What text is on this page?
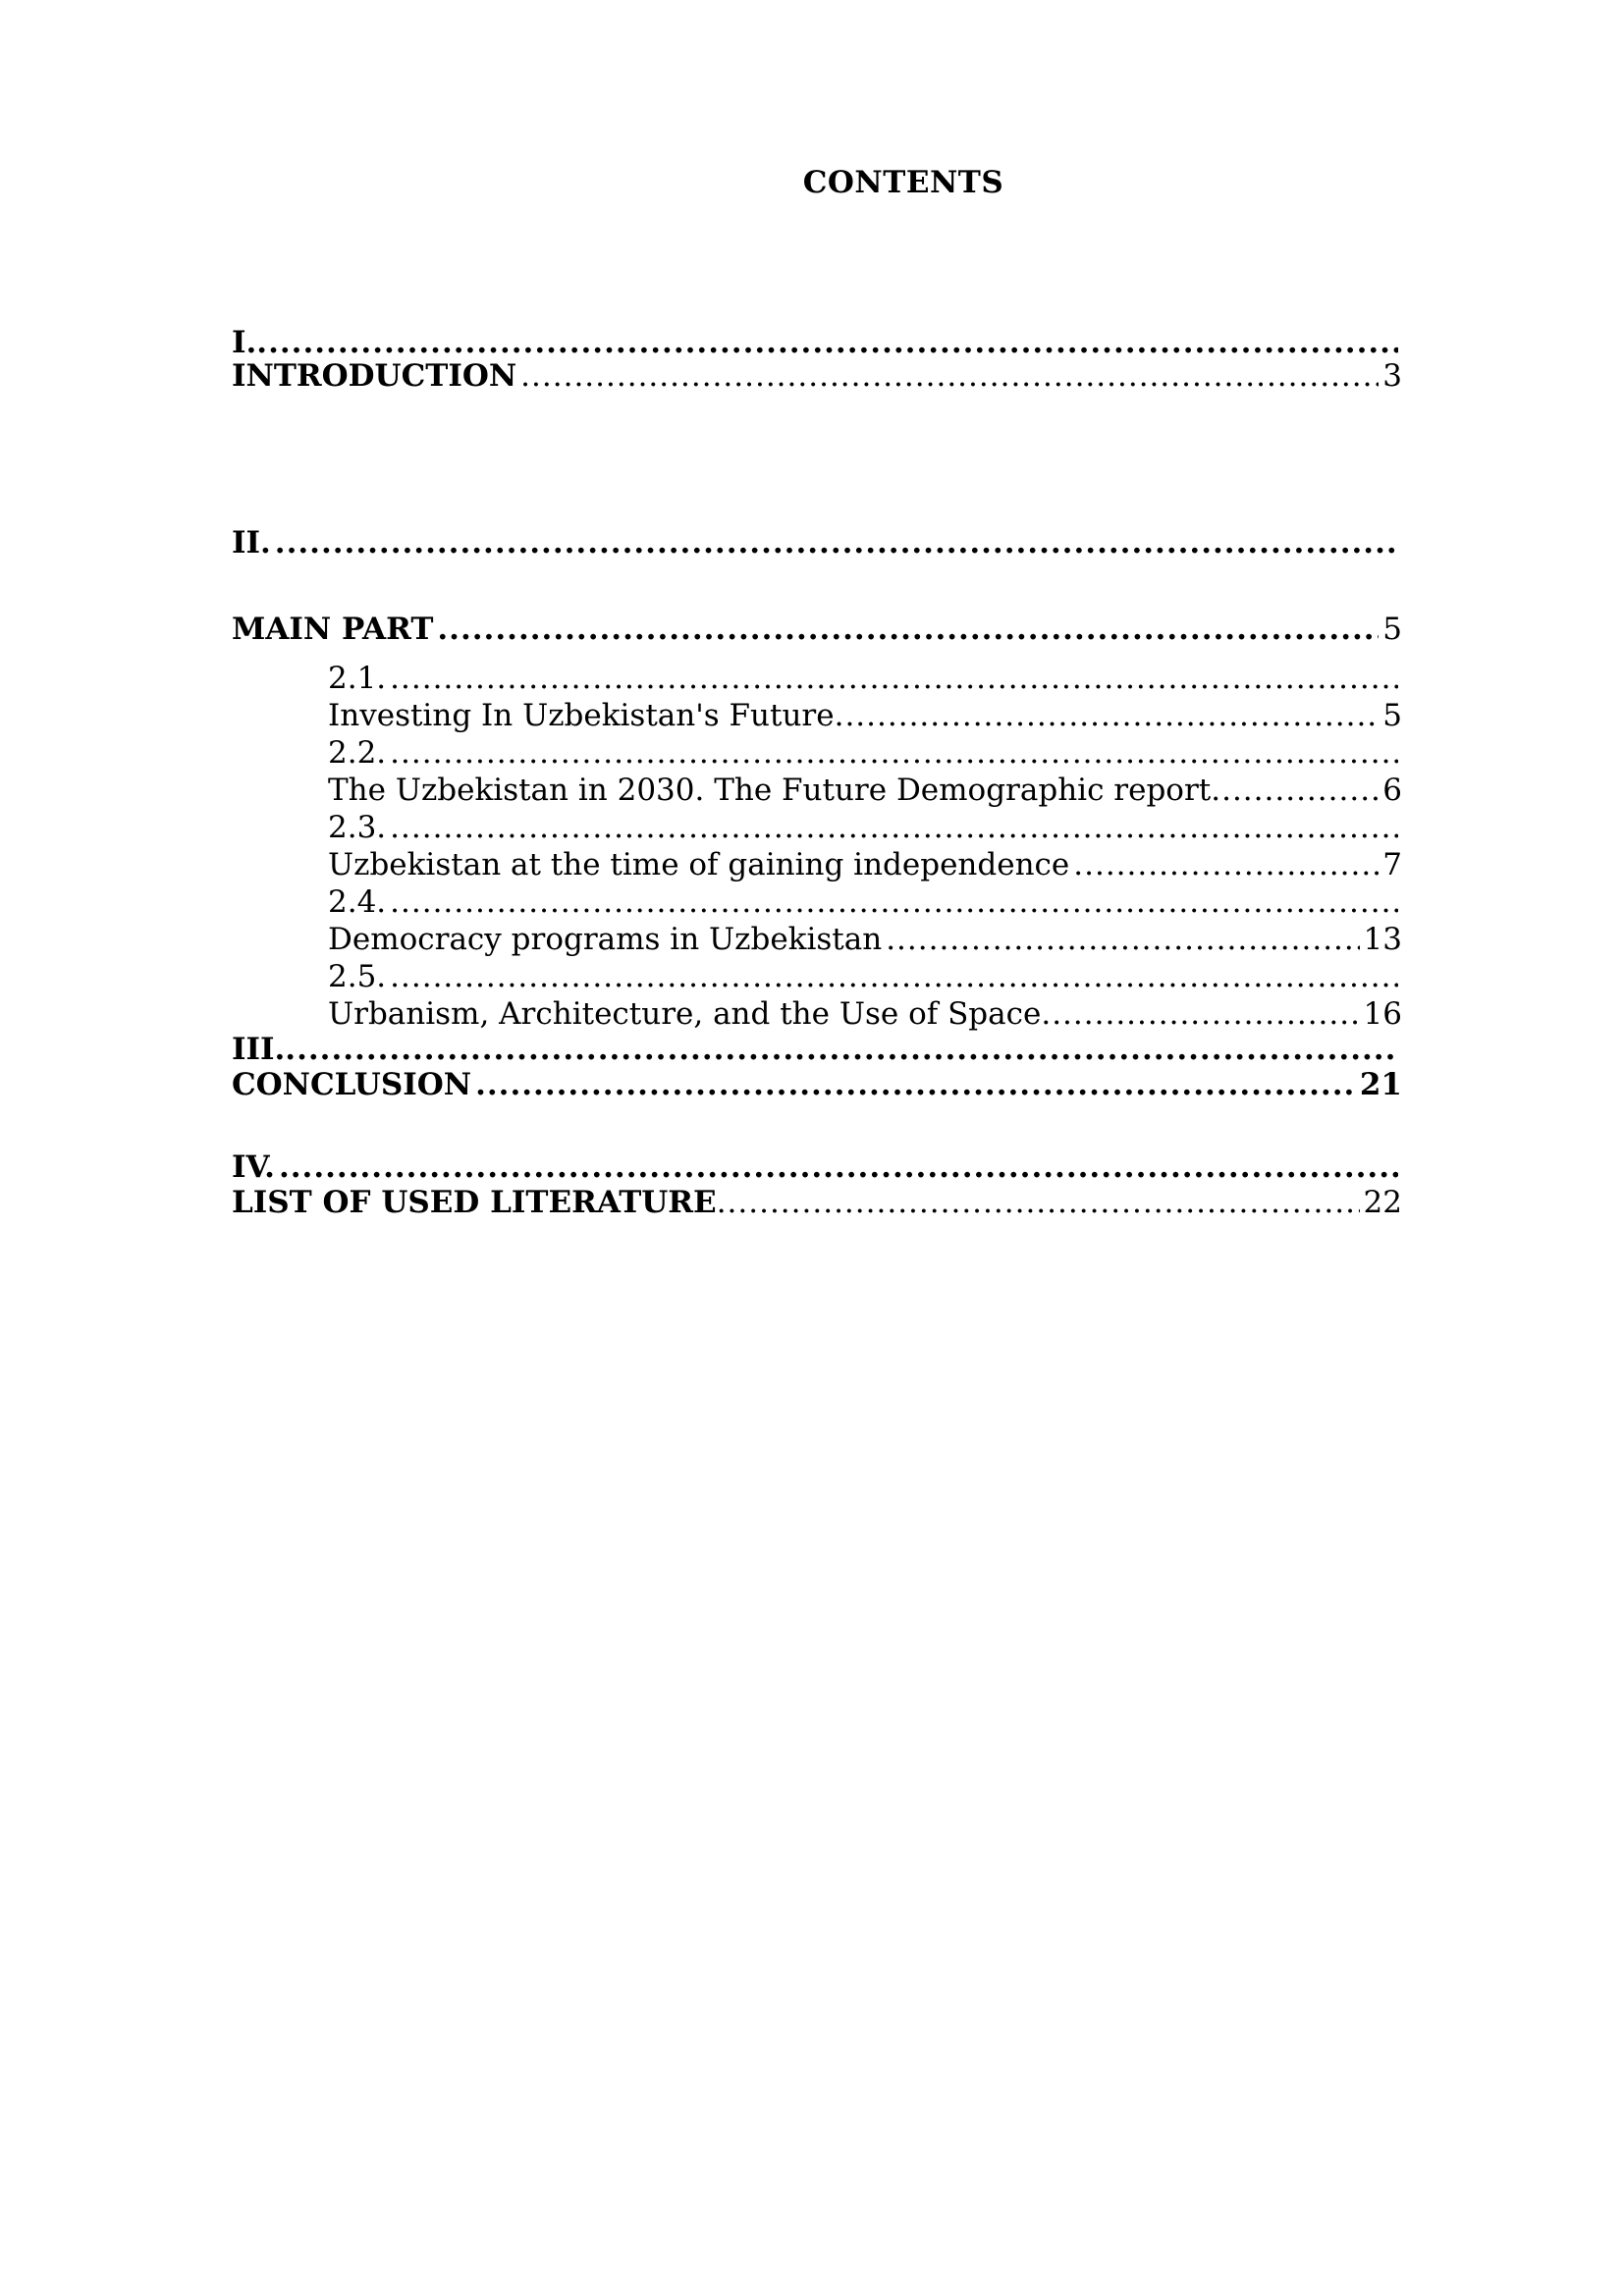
CONTENTS
I.
.....
INTRODUCTION .....	3
II.
.....
MAIN PART .....	5
2.1.
.....
Investing In Uzbekistan's Future .....	5
2.2.
.....
The Uzbekistan in 2030. The Future Demographic report .....	6
2.3.
.....
Uzbekistan at the time of gaining independence .....	7
2.4.
.....
Democracy programs in Uzbekistan .....	13
2.5.
.....
Urbanism, Architecture, and the Use of Space .....	16
III.
.....
CONCLUSION .....	21
IV.
.....
LIST OF USED LITERATURE .....	22
